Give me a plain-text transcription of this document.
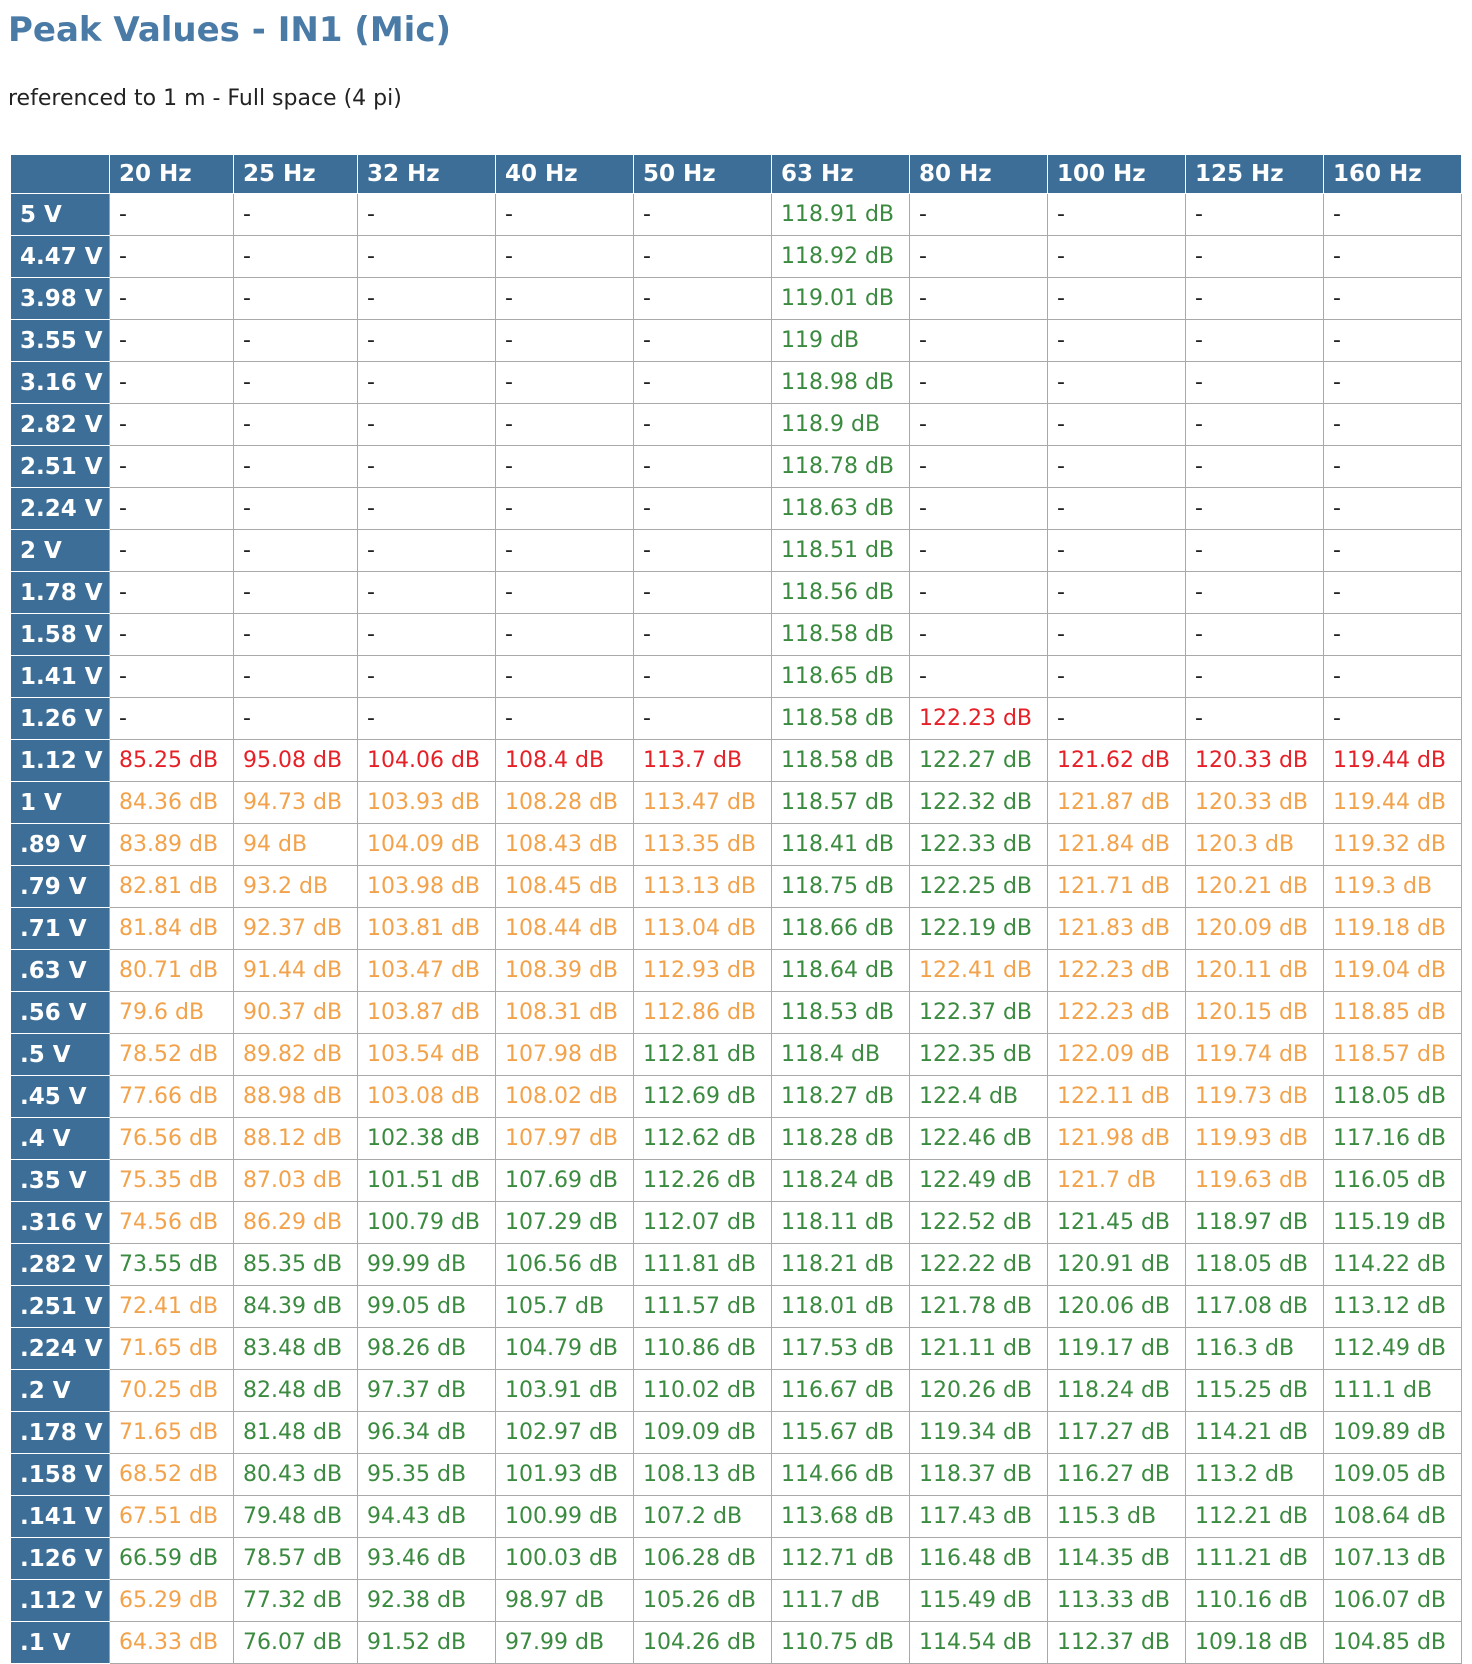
Peak Values - IN1 (Mic)

referenced to 1 m - Full space (4 pi)

	20 Hz	25 Hz	32 Hz	40 Hz	50 Hz	63 Hz	80 Hz	100 Hz	125 Hz	160 Hz
5 V	-	-	-	-	-	118.91 dB	-	-	-	-
4.47 V	-	-	-	-	-	118.92 dB	-	-	-	-
3.98 V	-	-	-	-	-	119.01 dB	-	-	-	-
3.55 V	-	-	-	-	-	119 dB	-	-	-	-
3.16 V	-	-	-	-	-	118.98 dB	-	-	-	-
2.82 V	-	-	-	-	-	118.9 dB	-	-	-	-
2.51 V	-	-	-	-	-	118.78 dB	-	-	-	-
2.24 V	-	-	-	-	-	118.63 dB	-	-	-	-
2 V	-	-	-	-	-	118.51 dB	-	-	-	-
1.78 V	-	-	-	-	-	118.56 dB	-	-	-	-
1.58 V	-	-	-	-	-	118.58 dB	-	-	-	-
1.41 V	-	-	-	-	-	118.65 dB	-	-	-	-
1.26 V	-	-	-	-	-	118.58 dB	122.23 dB	-	-	-
1.12 V	85.25 dB	95.08 dB	104.06 dB	108.4 dB	113.7 dB	118.58 dB	122.27 dB	121.62 dB	120.33 dB	119.44 dB
1 V	84.36 dB	94.73 dB	103.93 dB	108.28 dB	113.47 dB	118.57 dB	122.32 dB	121.87 dB	120.33 dB	119.44 dB
.89 V	83.89 dB	94 dB	104.09 dB	108.43 dB	113.35 dB	118.41 dB	122.33 dB	121.84 dB	120.3 dB	119.32 dB
.79 V	82.81 dB	93.2 dB	103.98 dB	108.45 dB	113.13 dB	118.75 dB	122.25 dB	121.71 dB	120.21 dB	119.3 dB
.71 V	81.84 dB	92.37 dB	103.81 dB	108.44 dB	113.04 dB	118.66 dB	122.19 dB	121.83 dB	120.09 dB	119.18 dB
.63 V	80.71 dB	91.44 dB	103.47 dB	108.39 dB	112.93 dB	118.64 dB	122.41 dB	122.23 dB	120.11 dB	119.04 dB
.56 V	79.6 dB	90.37 dB	103.87 dB	108.31 dB	112.86 dB	118.53 dB	122.37 dB	122.23 dB	120.15 dB	118.85 dB
.5 V	78.52 dB	89.82 dB	103.54 dB	107.98 dB	112.81 dB	118.4 dB	122.35 dB	122.09 dB	119.74 dB	118.57 dB
.45 V	77.66 dB	88.98 dB	103.08 dB	108.02 dB	112.69 dB	118.27 dB	122.4 dB	122.11 dB	119.73 dB	118.05 dB
.4 V	76.56 dB	88.12 dB	102.38 dB	107.97 dB	112.62 dB	118.28 dB	122.46 dB	121.98 dB	119.93 dB	117.16 dB
.35 V	75.35 dB	87.03 dB	101.51 dB	107.69 dB	112.26 dB	118.24 dB	122.49 dB	121.7 dB	119.63 dB	116.05 dB
.316 V	74.56 dB	86.29 dB	100.79 dB	107.29 dB	112.07 dB	118.11 dB	122.52 dB	121.45 dB	118.97 dB	115.19 dB
.282 V	73.55 dB	85.35 dB	99.99 dB	106.56 dB	111.81 dB	118.21 dB	122.22 dB	120.91 dB	118.05 dB	114.22 dB
.251 V	72.41 dB	84.39 dB	99.05 dB	105.7 dB	111.57 dB	118.01 dB	121.78 dB	120.06 dB	117.08 dB	113.12 dB
.224 V	71.65 dB	83.48 dB	98.26 dB	104.79 dB	110.86 dB	117.53 dB	121.11 dB	119.17 dB	116.3 dB	112.49 dB
.2 V	70.25 dB	82.48 dB	97.37 dB	103.91 dB	110.02 dB	116.67 dB	120.26 dB	118.24 dB	115.25 dB	111.1 dB
.178 V	71.65 dB	81.48 dB	96.34 dB	102.97 dB	109.09 dB	115.67 dB	119.34 dB	117.27 dB	114.21 dB	109.89 dB
.158 V	68.52 dB	80.43 dB	95.35 dB	101.93 dB	108.13 dB	114.66 dB	118.37 dB	116.27 dB	113.2 dB	109.05 dB
.141 V	67.51 dB	79.48 dB	94.43 dB	100.99 dB	107.2 dB	113.68 dB	117.43 dB	115.3 dB	112.21 dB	108.64 dB
.126 V	66.59 dB	78.57 dB	93.46 dB	100.03 dB	106.28 dB	112.71 dB	116.48 dB	114.35 dB	111.21 dB	107.13 dB
.112 V	65.29 dB	77.32 dB	92.38 dB	98.97 dB	105.26 dB	111.7 dB	115.49 dB	113.33 dB	110.16 dB	106.07 dB
.1 V	64.33 dB	76.07 dB	91.52 dB	97.99 dB	104.26 dB	110.75 dB	114.54 dB	112.37 dB	109.18 dB	104.85 dB
